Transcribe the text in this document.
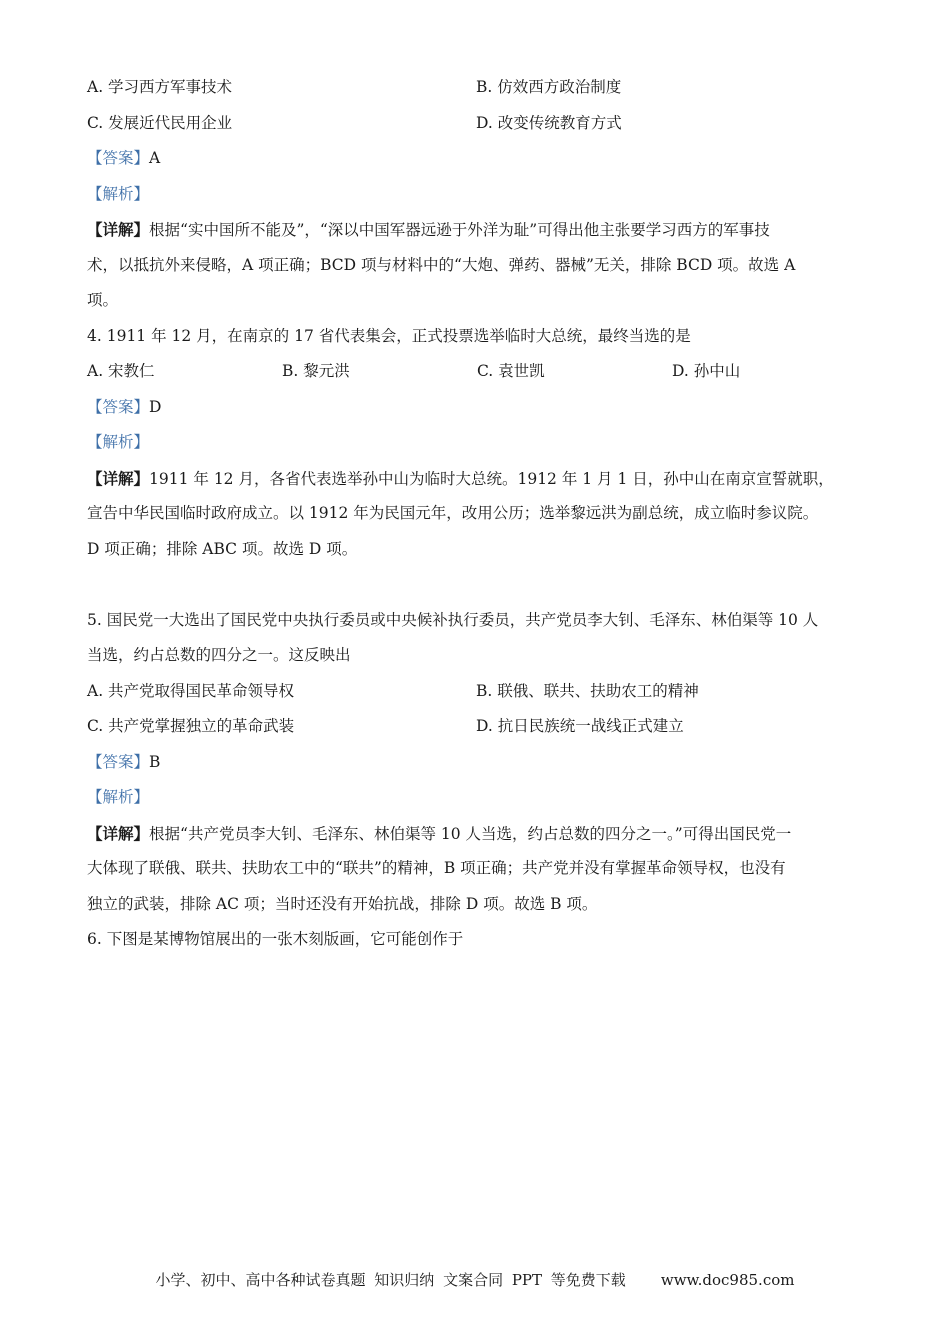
A. 学习西方军事技术	B. 仿效西方政治制度
C. 发展近代民用企业	D. 改变传统教育方式
【答案】A
【解析】
【详解】根据“实中国所不能及”，“深以中国军器远逊于外洋为耻”可得出他主张要学习西方的军事技
术，以抵抗外来侵略，A 项正确；BCD 项与材料中的“大炮、弹药、器械”无关，排除 BCD 项。故选 A
项。
4. 1911 年 12 月，在南京的 17 省代表集会，正式投票选举临时大总统，最终当选的是
A. 宋教仁	B. 黎元洪	C. 袁世凯	D. 孙中山
【答案】D
【解析】
【详解】1911 年 12 月，各省代表选举孙中山为临时大总统。1912 年 1 月 1 日，孙中山在南京宣誓就职，
宣告中华民国临时政府成立。以 1912 年为民国元年，改用公历；选举黎远洪为副总统，成立临时参议院。
D 项正确；排除 ABC 项。故选 D 项。
5. 国民党一大选出了国民党中央执行委员或中央候补执行委员，共产党员李大钊、毛泽东、林伯渠等 10 人
当选，约占总数的四分之一。这反映出
A. 共产党取得国民革命领导权	B. 联俄、联共、扶助农工的精神
C. 共产党掌握独立的革命武装	D. 抗日民族统一战线正式建立
【答案】B
【解析】
【详解】根据“共产党员李大钊、毛泽东、林伯渠等 10 人当选，约占总数的四分之一。”可得出国民党一
大体现了联俄、联共、扶助农工中的“联共”的精神，B 项正确；共产党并没有掌握革命领导权，也没有
独立的武装，排除 AC 项；当时还没有开始抗战，排除 D 项。故选 B 项。
6. 下图是某博物馆展出的一张木刻版画，它可能创作于
小学、初中、高中各种试卷真题 知识归纳 文案合同 PPT 等免费下载 www.doc985.com
